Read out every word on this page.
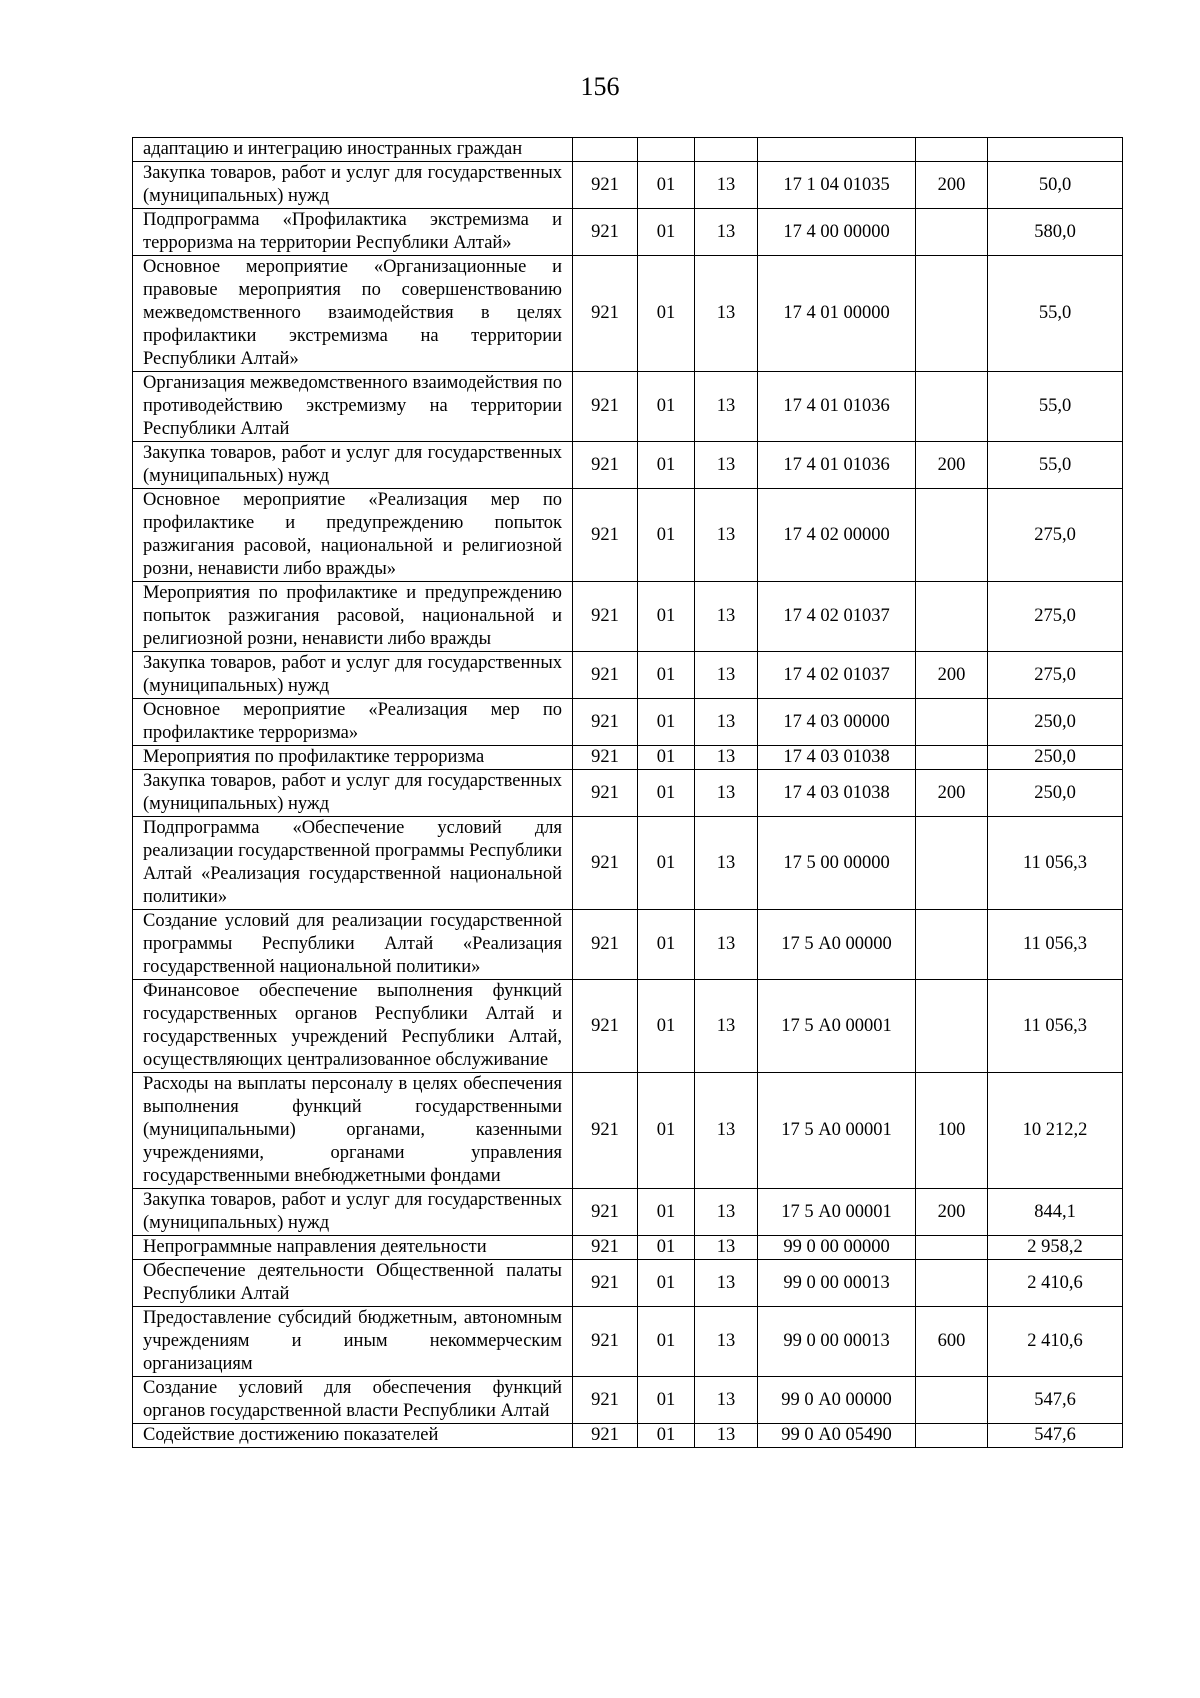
156
адаптацию и интеграцию иностранных граждан						
Закупка товаров, работ и услуг для государственных (муниципальных) нужд	921	01	13	17 1 04 01035	200	50,0
Подпрограмма «Профилактика экстремизма и терроризма на территории Республики Алтай»	921	01	13	17 4 00 00000		580,0
Основное мероприятие «Организационные и правовые мероприятия по совершенствованию межведомственного взаимодействия в целях профилактики экстремизма на территории Республики Алтай»	921	01	13	17 4 01 00000		55,0
Организация межведомственного взаимодействия по противодействию экстремизму на территории Республики Алтай	921	01	13	17 4 01 01036		55,0
Закупка товаров, работ и услуг для государственных (муниципальных) нужд	921	01	13	17 4 01 01036	200	55,0
Основное мероприятие «Реализация мер по профилактике и предупреждению попыток разжигания расовой, национальной и религиозной розни, ненависти либо вражды»	921	01	13	17 4 02 00000		275,0
Мероприятия по профилактике и предупреждению попыток разжигания расовой, национальной и религиозной розни, ненависти либо вражды	921	01	13	17 4 02 01037		275,0
Закупка товаров, работ и услуг для государственных (муниципальных) нужд	921	01	13	17 4 02 01037	200	275,0
Основное мероприятие «Реализация мер по профилактике терроризма»	921	01	13	17 4 03 00000		250,0
Мероприятия по профилактике терроризма	921	01	13	17 4 03 01038		250,0
Закупка товаров, работ и услуг для государственных (муниципальных) нужд	921	01	13	17 4 03 01038	200	250,0
Подпрограмма «Обеспечение условий для реализации государственной программы Республики Алтай «Реализация государственной национальной политики»	921	01	13	17 5 00 00000		11 056,3
Создание условий для реализации государственной программы Республики Алтай «Реализация государственной национальной политики»	921	01	13	17 5 А0 00000		11 056,3
Финансовое обеспечение выполнения функций государственных органов Республики Алтай и государственных учреждений Республики Алтай, осуществляющих централизованное обслуживание	921	01	13	17 5 А0 00001		11 056,3
Расходы на выплаты персоналу в целях обеспечения выполнения функций государственными (муниципальными) органами, казенными учреждениями, органами управления государственными внебюджетными фондами	921	01	13	17 5 А0 00001	100	10 212,2
Закупка товаров, работ и услуг для государственных (муниципальных) нужд	921	01	13	17 5 А0 00001	200	844,1
Непрограммные направления деятельности	921	01	13	99 0 00 00000		2 958,2
Обеспечение деятельности Общественной палаты Республики Алтай	921	01	13	99 0 00 00013		2 410,6
Предоставление субсидий бюджетным, автономным учреждениям и иным некоммерческим организациям	921	01	13	99 0 00 00013	600	2 410,6
Создание условий для обеспечения функций органов государственной власти Республики Алтай	921	01	13	99 0 А0 00000		547,6
Содействие достижению показателей	921	01	13	99 0 А0 05490		547,6
